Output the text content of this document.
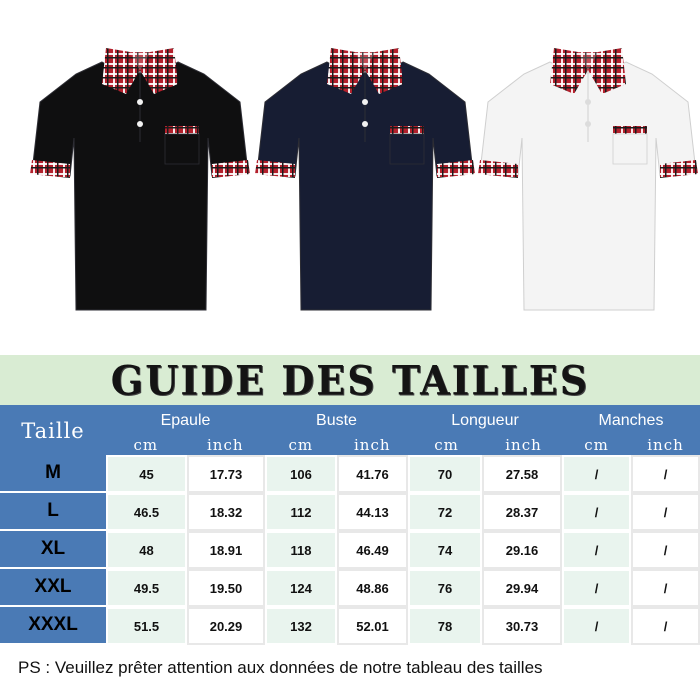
GUIDE DES TAILLES
Taille	Epaule
cm	inch
Buste
cm	inch
Longueur
cm	inch
Manches
cm	inch
M	45	17.73	106	41.76	70	27.58	/	/
L	46.5	18.32	112	44.13	72	28.37	/	/
XL	48	18.91	118	46.49	74	29.16	/	/
XXL	49.5	19.50	124	48.86	76	29.94	/	/
XXXL	51.5	20.29	132	52.01	78	30.73	/	/
PS : Veuillez prêter attention aux données de notre tableau des tailles
